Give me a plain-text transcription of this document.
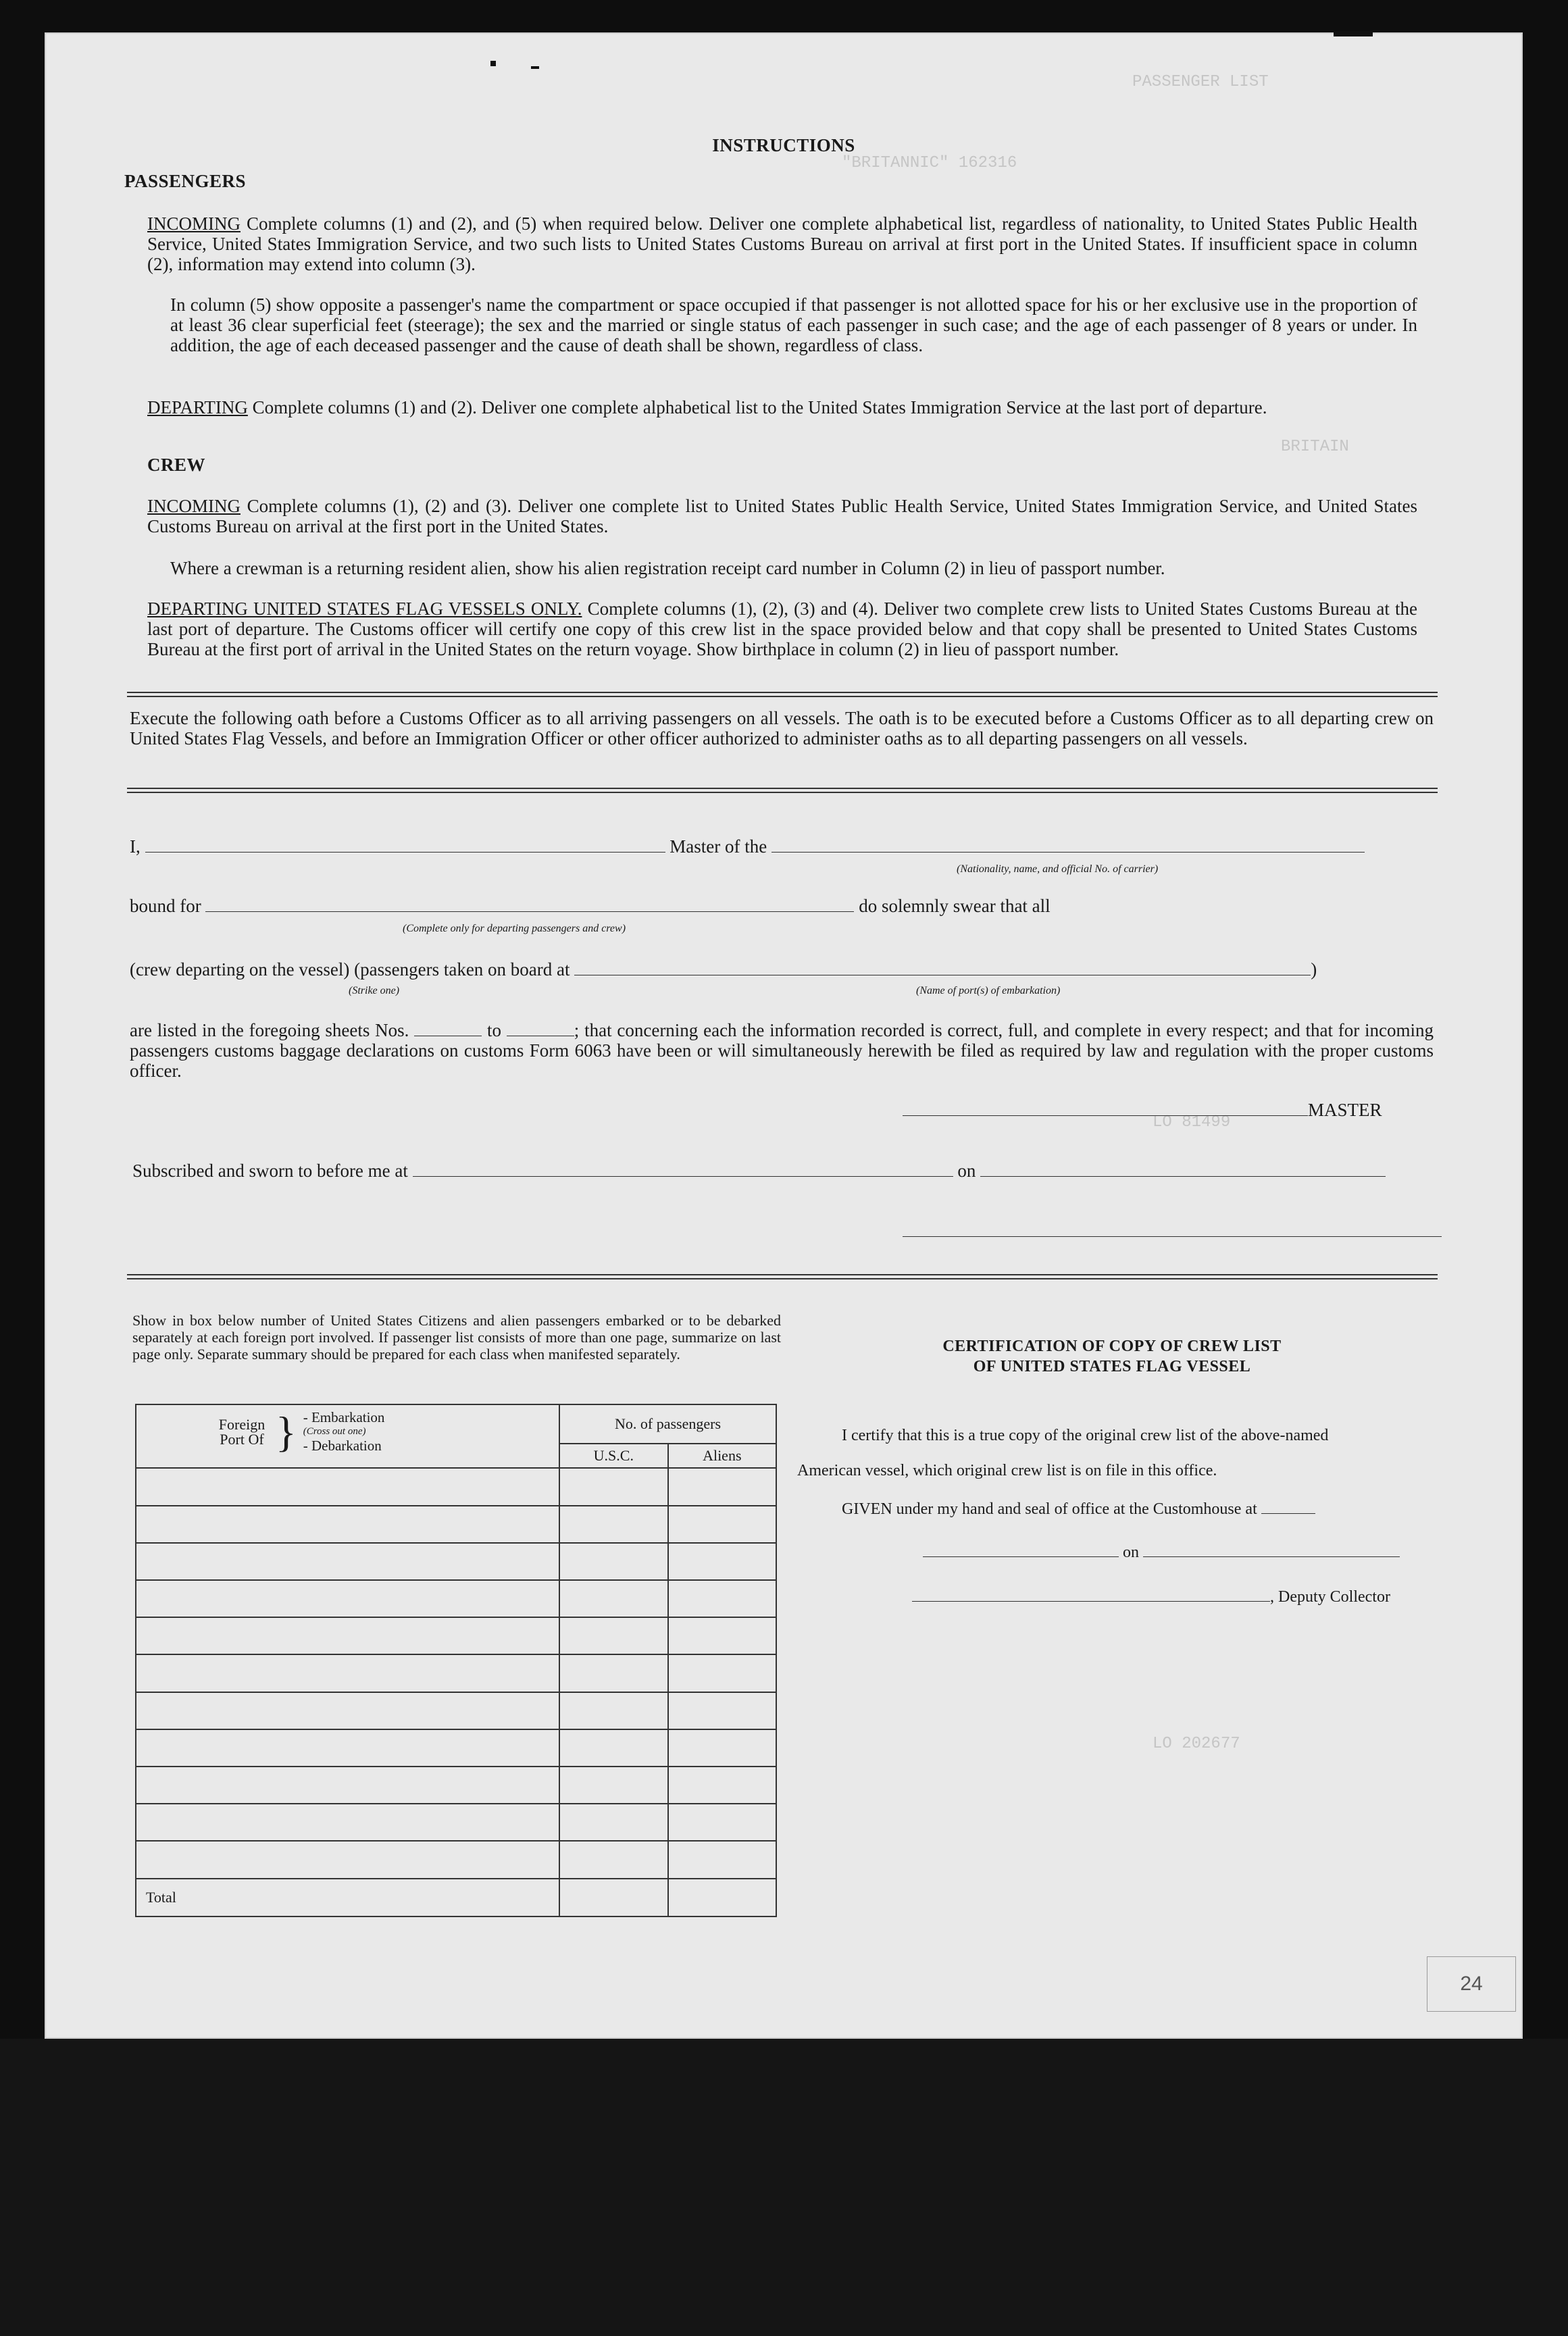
PASSENGER LIST
"BRITANNIC" 162316
BRITAIN
LO 81499
LO 202677
INSTRUCTIONS
PASSENGERS

INCOMING Complete columns (1) and (2), and (5) when required below. Deliver one complete alphabetical list, regardless of nationality, to United States Public Health Service, United States Immigration Service, and two such lists to United States Customs Bureau on arrival at first port in the United States. If insufficient space in column (2), information may extend into column (3).

In column (5) show opposite a passenger's name the compartment or space occupied if that passenger is not allotted space for his or her exclusive use in the proportion of at least 36 clear superficial feet (steerage); the sex and the married or single status of each passenger in such case; and the age of each passenger of 8 years or under. In addition, the age of each deceased passenger and the cause of death shall be shown, regardless of class.

DEPARTING Complete columns (1) and (2). Deliver one complete alphabetical list to the United States Immigration Service at the last port of departure.

CREW

INCOMING Complete columns (1), (2) and (3). Deliver one complete list to United States Public Health Service, United States Immigration Service, and United States Customs Bureau on arrival at the first port in the United States.

Where a crewman is a returning resident alien, show his alien registration receipt card number in Column (2) in lieu of passport number.

DEPARTING UNITED STATES FLAG VESSELS ONLY. Complete columns (1), (2), (3) and (4). Deliver two complete crew lists to United States Customs Bureau at the last port of departure. The Customs officer will certify one copy of this crew list in the space provided below and that copy shall be presented to United States Customs Bureau at the first port of arrival in the United States on the return voyage. Show birthplace in column (2) in lieu of passport number.

Execute the following oath before a Customs Officer as to all arriving passengers on all vessels. The oath is to be executed before a Customs Officer as to all departing crew on United States Flag Vessels, and before an Immigration Officer or other officer authorized to administer oaths as to all departing passengers on all vessels.

I,	Master of the
(Nationality, name, and official No. of carrier)
bound for	do solemnly swear that all
(Complete only for departing passengers and crew)
(crew departing on the vessel) (passengers taken on board at	)
(Strike one)	(Name of port(s) of embarkation)

are listed in the foregoing sheets Nos.	to	; that concerning each the information recorded is correct, full, and complete in every respect; and that for incoming passengers customs baggage declarations on customs Form 6063 have been or will simultaneously herewith be filed as required by law and regulation with the proper customs officer.

MASTER
Subscribed and sworn to before me at	on

Show in box below number of United States Citizens and alien passengers embarked or to be debarked separately at each foreign port involved. If passenger list consists of more than one page, summarize on last page only. Separate summary should be prepared for each class when manifested separately.

Foreign Port Of } - Embarkation
(Cross out one)
- Debarkation	No. of passengers	
	U.S.C.	Aliens

Total		
CERTIFICATION OF COPY OF CREW LIST
OF UNITED STATES FLAG VESSEL
I certify that this is a true copy of the original crew list of the above-named
American vessel, which original crew list is on file in this office.
GIVEN under my hand and seal of office at the Customhouse at
on
, Deputy Collector
24
